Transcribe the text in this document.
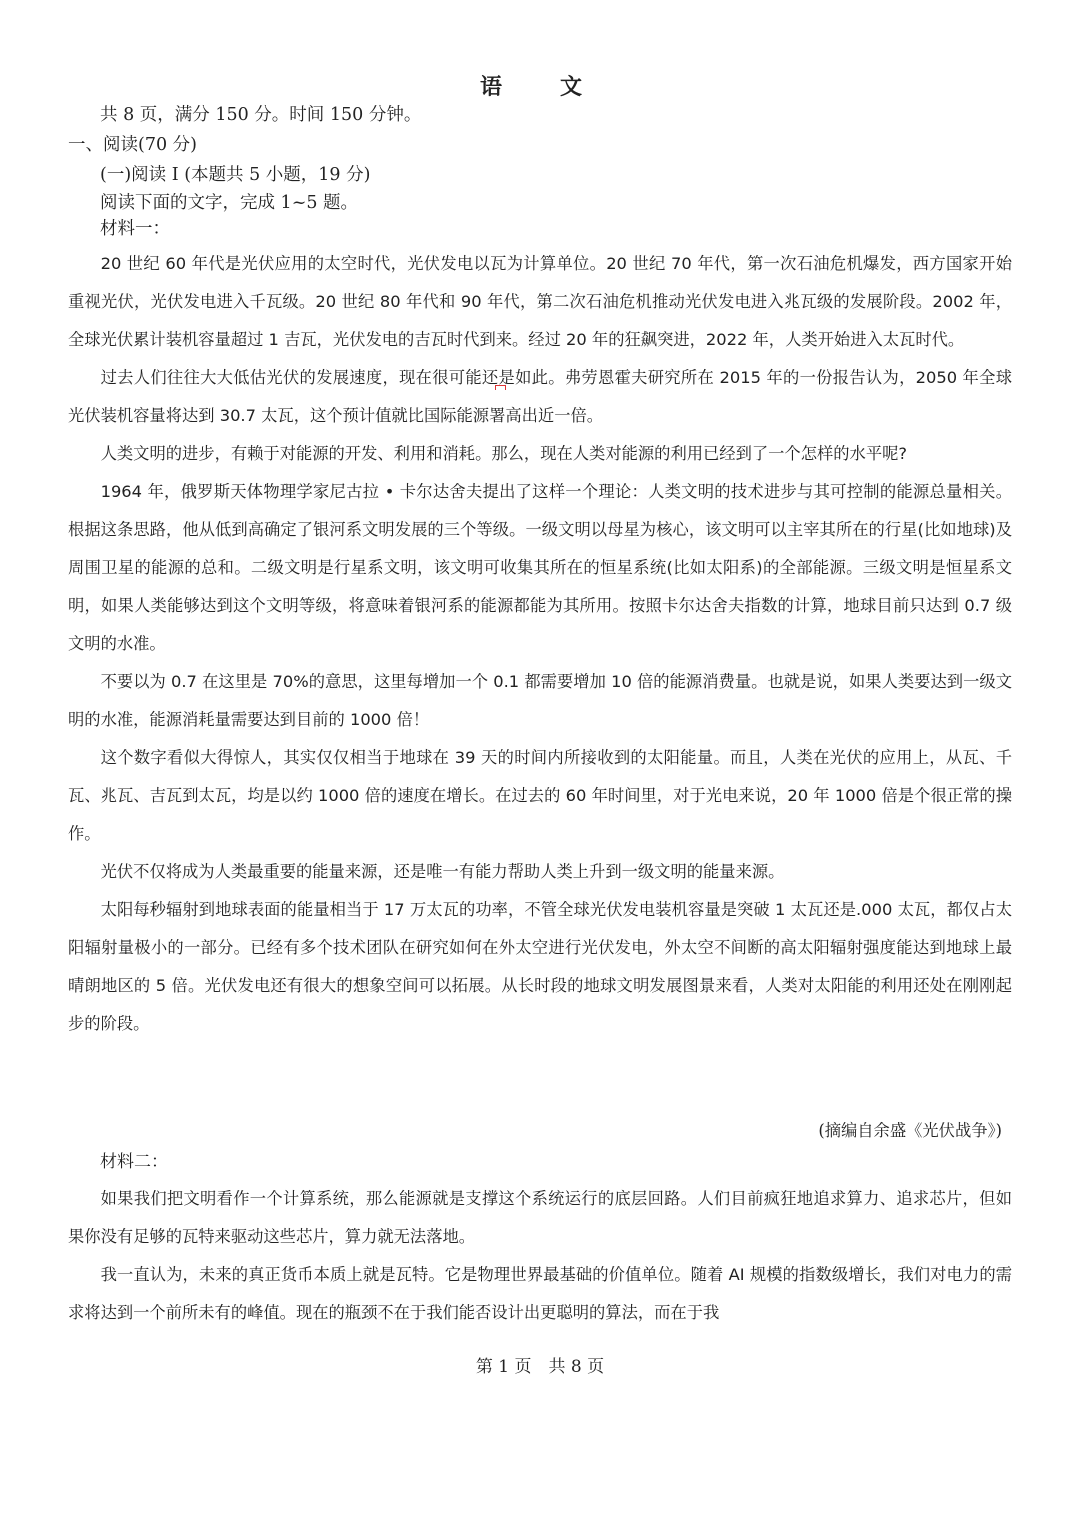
语　文
共 8 页，满分 150 分。时间 150 分钟。
一、阅读(70 分)
(一)阅读 Ⅰ (本题共 5 小题，19 分)
阅读下面的文字，完成 1~5 题。
材料一：

20 世纪 60 年代是光伏应用的太空时代，光伏发电以瓦为计算单位。20 世纪 70 年代，第一次石油危机爆发，西方国家开始重视光伏，光伏发电进入千瓦级。20 世纪 80 年代和 90 年代，第二次石油危机推动光伏发电进入兆瓦级的发展阶段。2002 年，全球光伏累计装机容量超过 1 吉瓦，光伏发电的吉瓦时代到来。经过 20 年的狂飙突进，2022 年，人类开始进入太瓦时代。

过去人们往往大大低估光伏的发展速度，现在很可能还是如此。弗劳恩霍夫研究所在 2015 年的一份报告认为，2050 年全球光伏装机容量将达到 30.7 太瓦，这个预计值就比国际能源署高出近一倍。

人类文明的进步，有赖于对能源的开发、利用和消耗。那么，现在人类对能源的利用已经到了一个怎样的水平呢?

1964 年，俄罗斯天体物理学家尼古拉 • 卡尔达舍夫提出了这样一个理论：人类文明的技术进步与其可控制的能源总量相关。根据这条思路，他从低到高确定了银河系文明发展的三个等级。一级文明以母星为核心，该文明可以主宰其所在的行星(比如地球)及周围卫星的能源的总和。二级文明是行星系文明，该文明可收集其所在的恒星系统(比如太阳系)的全部能源。三级文明是恒星系文明，如果人类能够达到这个文明等级，将意味着银河系的能源都能为其所用。按照卡尔达舍夫指数的计算，地球目前只达到 0.7 级文明的水准。

不要以为 0.7 在这里是 70%的意思，这里每增加一个 0.1 都需要增加 10 倍的能源消费量。也就是说，如果人类要达到一级文明的水准，能源消耗量需要达到目前的 1000 倍！

这个数字看似大得惊人，其实仅仅相当于地球在 39 天的时间内所接收到的太阳能量。而且，人类在光伏的应用上，从瓦、千瓦、兆瓦、吉瓦到太瓦，均是以约 1000 倍的速度在增长。在过去的 60 年时间里，对于光电来说，20 年 1000 倍是个很正常的操作。

光伏不仅将成为人类最重要的能量来源，还是唯一有能力帮助人类上升到一级文明的能量来源。

太阳每秒辐射到地球表面的能量相当于 17 万太瓦的功率，不管全球光伏发电装机容量是突破 1 太瓦还是.000 太瓦，都仅占太阳辐射量极小的一部分。已经有多个技术团队在研究如何在外太空进行光伏发电，外太空不间断的高太阳辐射强度能达到地球上最晴朗地区的 5 倍。光伏发电还有很大的想象空间可以拓展。从长时段的地球文明发展图景来看，人类对太阳能的利用还处在刚刚起步的阶段。

(摘编自余盛《光伏战争》)
材料二：

如果我们把文明看作一个计算系统，那么能源就是支撑这个系统运行的底层回路。人们目前疯狂地追求算力、追求芯片，但如果你没有足够的瓦特来驱动这些芯片，算力就无法落地。

我一直认为，未来的真正货币本质上就是瓦特。它是物理世界最基础的价值单位。随着 AI 规模的指数级增长，我们对电力的需求将达到一个前所未有的峰值。现在的瓶颈不在于我们能否设计出更聪明的算法，而在于我

第 1 页　共 8 页
